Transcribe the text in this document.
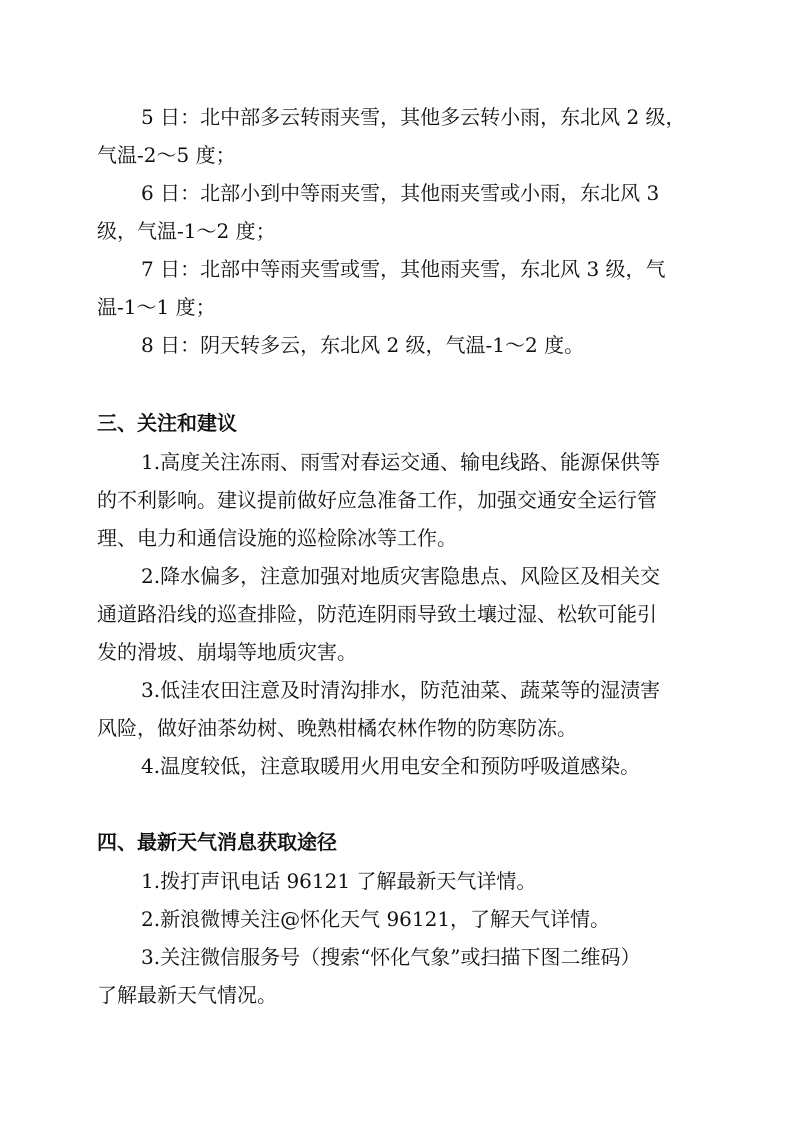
5 日：北中部多云转雨夹雪，其他多云转小雨，东北风 2 级，

气温-2～5 度；

6 日：北部小到中等雨夹雪，其他雨夹雪或小雨，东北风 3

级，气温-1～2 度；

7 日：北部中等雨夹雪或雪，其他雨夹雪，东北风 3 级，气

温-1～1 度；

8 日：阴天转多云，东北风 2 级，气温-1～2 度。

三、关注和建议

1.高度关注冻雨、雨雪对春运交通、输电线路、能源保供等

的不利影响。建议提前做好应急准备工作，加强交通安全运行管

理、电力和通信设施的巡检除冰等工作。

2.降水偏多，注意加强对地质灾害隐患点、风险区及相关交

通道路沿线的巡查排险，防范连阴雨导致土壤过湿、松软可能引

发的滑坡、崩塌等地质灾害。

3.低洼农田注意及时清沟排水，防范油菜、蔬菜等的湿渍害

风险，做好油茶幼树、晚熟柑橘农林作物的防寒防冻。

4.温度较低，注意取暖用火用电安全和预防呼吸道感染。

四、最新天气消息获取途径

1.拨打声讯电话 96121 了解最新天气详情。

2.新浪微博关注@怀化天气 96121，了解天气详情。

3.关注微信服务号（搜索“怀化气象”或扫描下图二维码）

了解最新天气情况。
